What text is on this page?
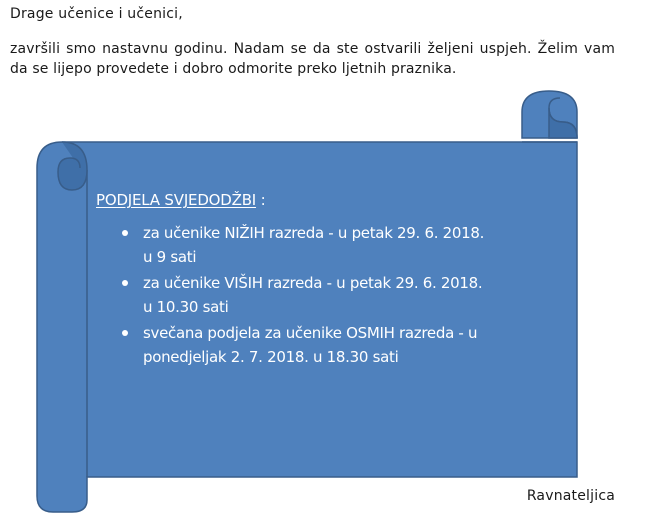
Drage učenice i učenici,

završili smo nastavnu godinu. Nadam se da ste ostvarili željeni uspjeh. Želim vam da se lijepo provedete i dobro odmorite preko ljetnih praznika.

PODJELA SVJEDODŽBI :

za učenike NIŽIH razreda - u petak 29. 6. 2018.
u 9 sati
za učenike VIŠIH razreda - u petak 29. 6. 2018.
u 10.30 sati
svečana podjela za učenike OSMIH razreda - u
ponedjeljak 2. 7. 2018. u 18.30 sati

Ravnateljica
